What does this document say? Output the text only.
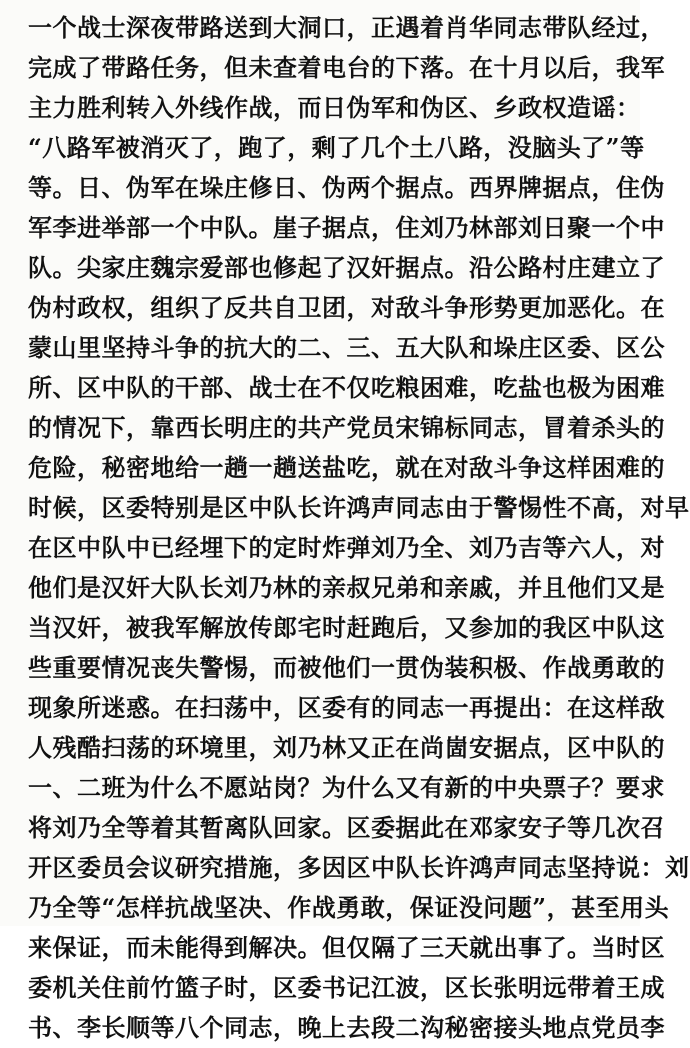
一个战士深夜带路送到大洞口，正遇着肖华同志带队经过，
完成了带路任务，但未查着电台的下落。在十月以后，我军
主力胜利转入外线作战，而日伪军和伪区、乡政权造谣：
“八路军被消灭了，跑了，剩了几个土八路，没脑头了”等
等。日、伪军在垛庄修日、伪两个据点。西界牌据点，住伪
军李进举部一个中队。崖子据点，住刘乃林部刘日聚一个中
队。尖家庄魏宗爱部也修起了汉奸据点。沿公路村庄建立了
伪村政权，组织了反共自卫团，对敌斗争形势更加恶化。在
蒙山里坚持斗争的抗大的二、三、五大队和垛庄区委、区公
所、区中队的干部、战士在不仅吃粮困难，吃盐也极为困难
的情况下，靠西长明庄的共产党员宋锦标同志，冒着杀头的
危险，秘密地给一趟一趟送盐吃，就在对敌斗争这样困难的
时候，区委特别是区中队长许鸿声同志由于警惕性不高，对早
在区中队中已经埋下的定时炸弹刘乃全、刘乃吉等六人，对
他们是汉奸大队长刘乃林的亲叔兄弟和亲戚，并且他们又是
当汉奸，被我军解放传郎宅时赶跑后，又参加的我区中队这
些重要情况丧失警惕，而被他们一贯伪装积极、作战勇敢的
现象所迷惑。在扫荡中，区委有的同志一再提出：在这样敌
人残酷扫荡的环境里，刘乃林又正在尚崮安据点，区中队的
一、二班为什么不愿站岗？为什么又有新的中央票子？要求
将刘乃全等着其暂离队回家。区委据此在邓家安子等几次召
开区委员会议研究措施，多因区中队长许鸿声同志坚持说：刘
乃全等“怎样抗战坚决、作战勇敢，保证没问题”，甚至用头
来保证，而未能得到解决。但仅隔了三天就出事了。当时区
委机关住前竹篮子时，区委书记江波，区长张明远带着王成
书、李长顺等八个同志，晚上去段二沟秘密接头地点党员李
